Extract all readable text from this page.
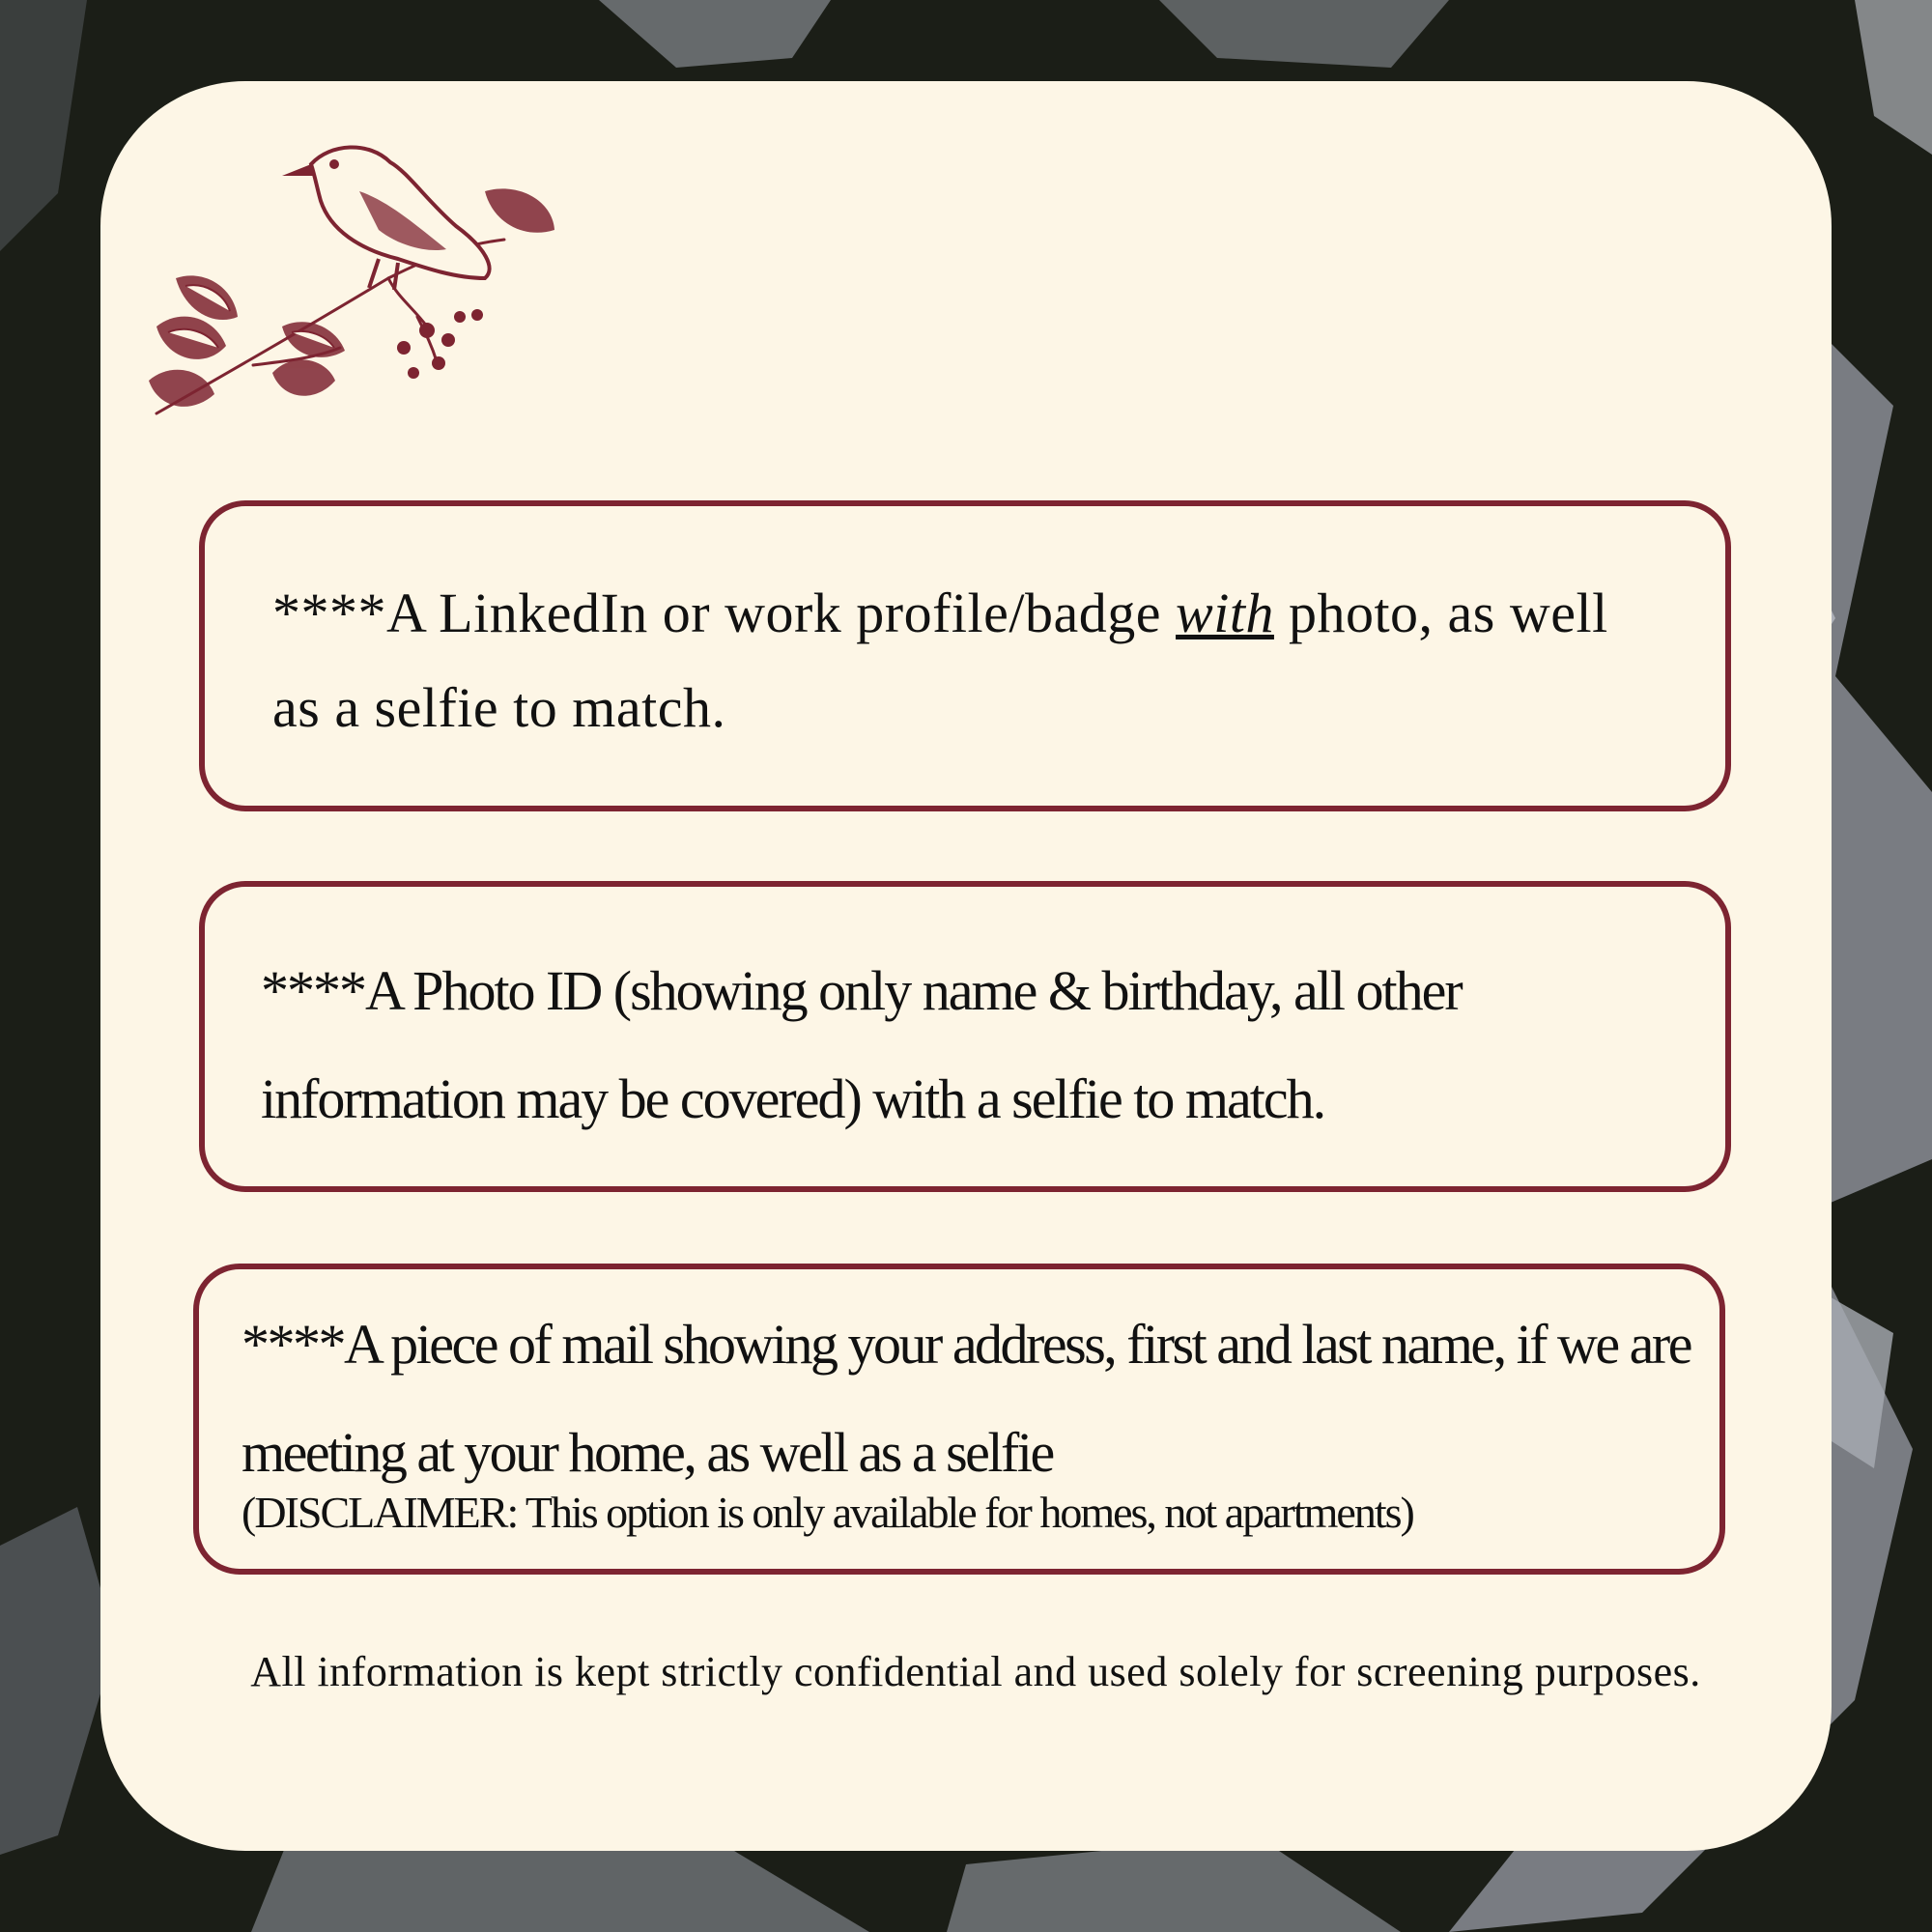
****A LinkedIn or work profile/badge with photo, as well as a selfie to match.

****A Photo ID (showing only name & birthday, all other information may be covered) with a selfie to match.

****A piece of mail showing your address, first and last name, if we are meeting at your home, as well as a selfie

(DISCLAIMER: This option is only available for homes, not apartments)

All information is kept strictly confidential and used solely for screening purposes.
